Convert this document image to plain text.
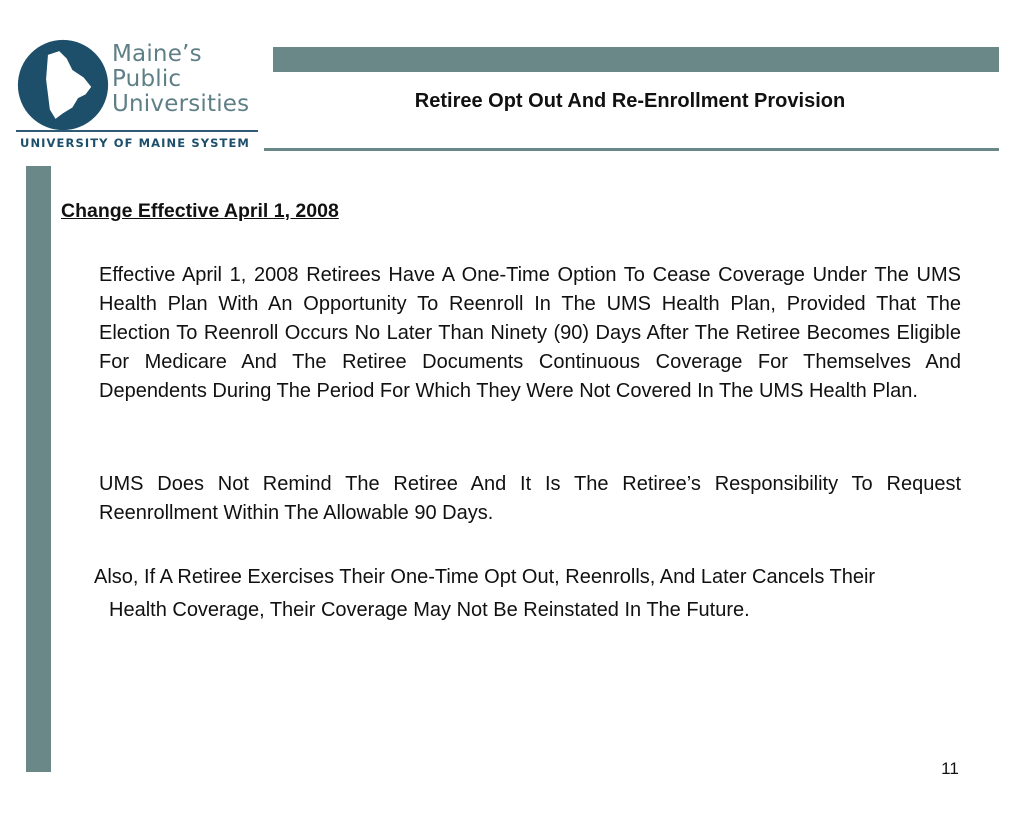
Maine’s
Public
Universities
UNIVERSITY OF MAINE SYSTEM
Retiree Opt Out And Re-Enrollment Provision
Change Effective April 1, 2008
Effective April 1, 2008 Retirees Have A One-Time Option To Cease Coverage Under The UMS Health Plan With An Opportunity To Reenroll In The UMS Health Plan, Provided That The Election To Reenroll Occurs No Later Than Ninety (90) Days After The Retiree Becomes Eligible For Medicare And The Retiree Documents Continuous Coverage For Themselves And Dependents During The Period For Which They Were Not Covered In The UMS Health Plan.
UMS Does Not Remind The Retiree And It Is The Retiree’s Responsibility To Request Reenrollment Within The Allowable 90 Days.
Also, If A Retiree Exercises Their One-Time Opt Out, Reenrolls, And Later Cancels Their
Health Coverage, Their Coverage May Not Be Reinstated In The Future.
11
